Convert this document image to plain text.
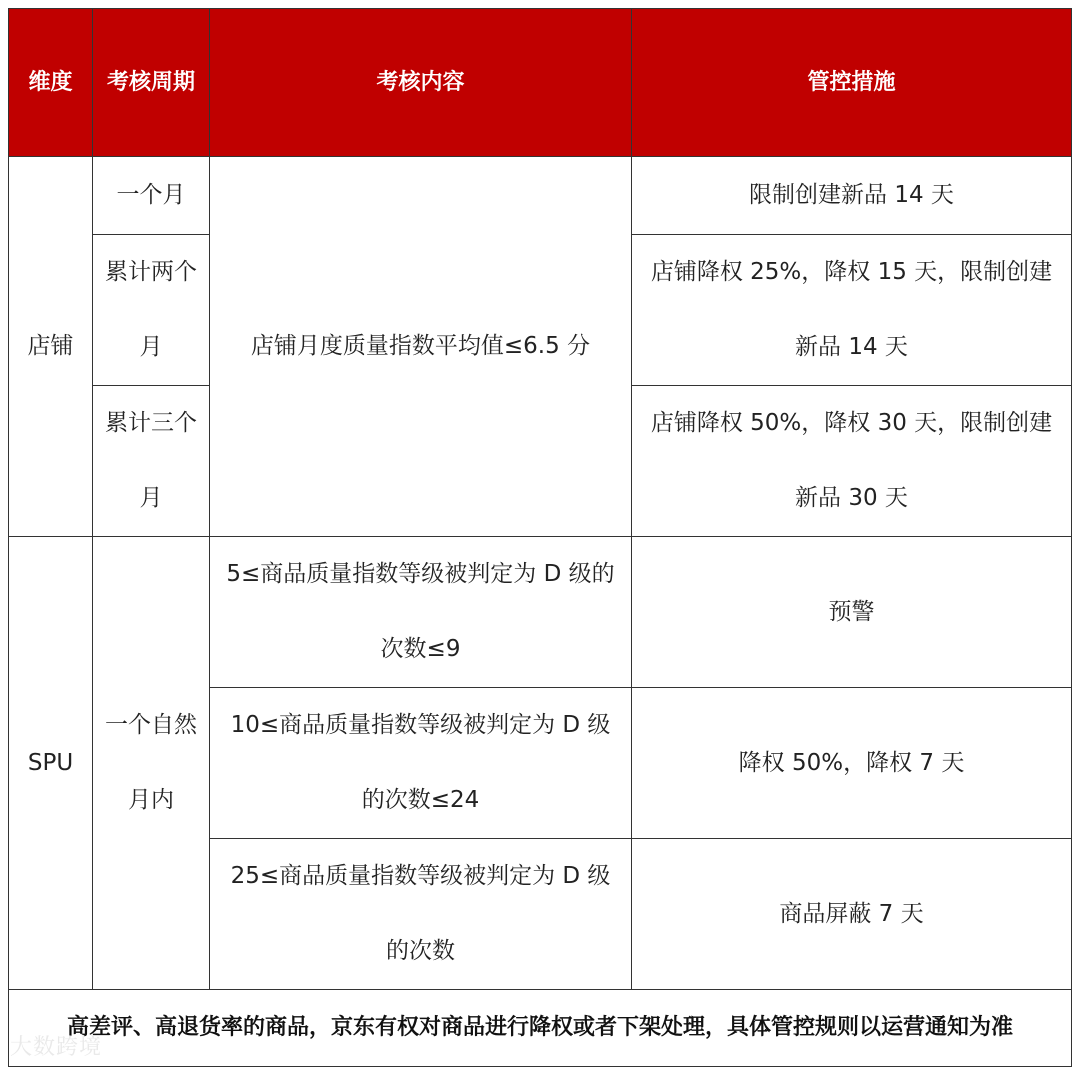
维度	考核周期	考核内容	管控措施
店铺	一个月	店铺月度质量指数平均值≤6.5 分	限制创建新品 14 天
	累计两个月		店铺降权 25%，降权 15 天，限制创建新品 14 天
	累计三个月		店铺降权 50%，降权 30 天，限制创建新品 30 天
SPU	一个自然月内	5≤商品质量指数等级被判定为 D 级的次数≤9	预警
		10≤商品质量指数等级被判定为 D 级的次数≤24	降权 50%，降权 7 天
		25≤商品质量指数等级被判定为 D 级的次数	商品屏蔽 7 天
高差评、高退货率的商品，京东有权对商品进行降权或者下架处理，具体管控规则以运营通知为准			
大数跨境
